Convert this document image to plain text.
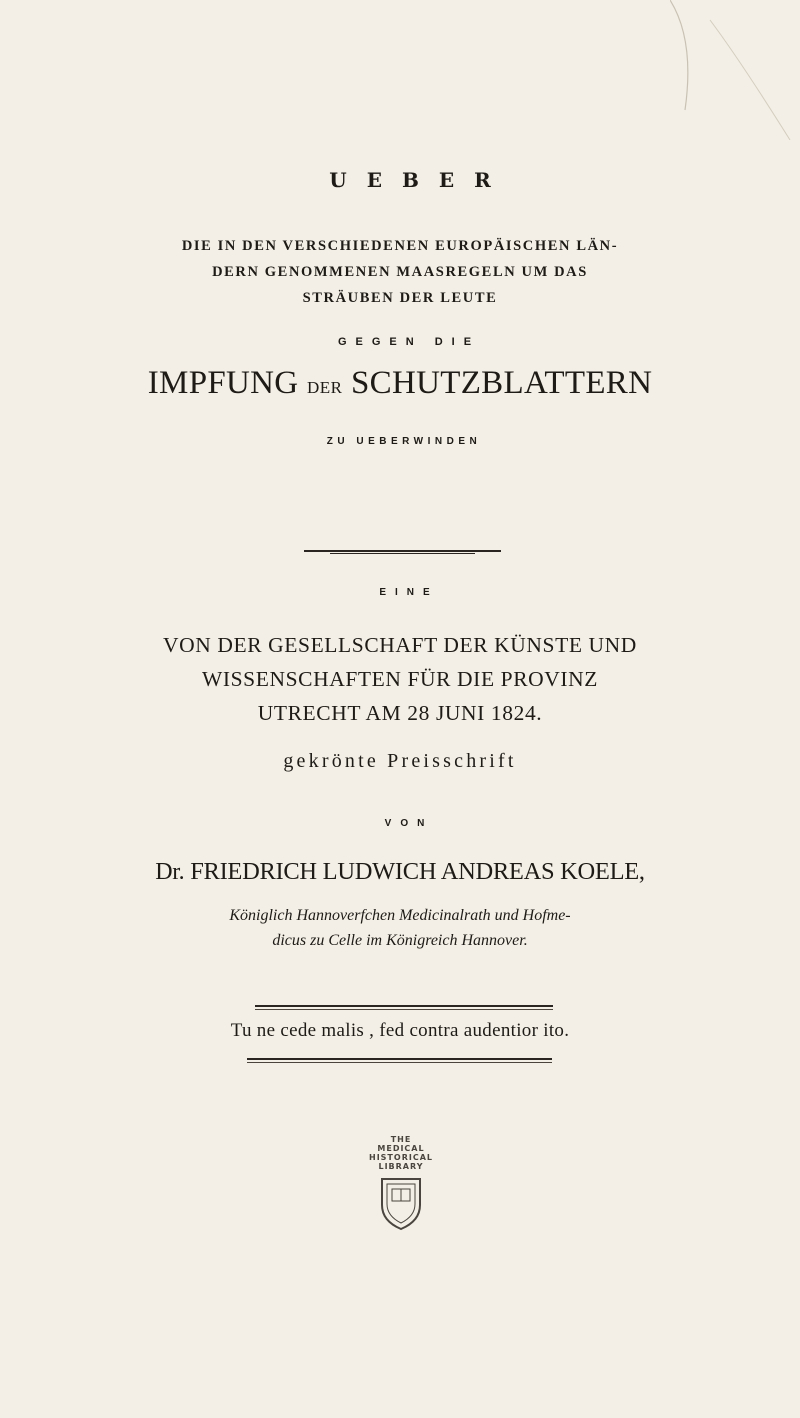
UEBER
DIE IN DEN VERSCHIEDENEN EUROPÄISCHEN LÄN-
DERN GENOMMENEN MAASREGELN UM DAS
STRÄUBEN DER LEUTE
GEGEN DIE
IMPFUNG DER SCHUTZBLATTERN
ZU UEBERWINDEN
EINE
VON DER GESELLSCHAFT DER KÜNSTE UND
WISSENSCHAFTEN FÜR DIE PROVINZ
UTRECHT AM 28 JUNI 1824.
gekrönte Preisschrift
VON
Dr. FRIEDRICH LUDWICH ANDREAS KOELE,
Königlich Hannoverfchen Medicinalrath und Hofme-
dicus zu Celle im Königreich Hannover.
Tu ne cede malis , fed contra audentior ito.
THE
MEDICAL
HISTORICAL
LIBRARY
